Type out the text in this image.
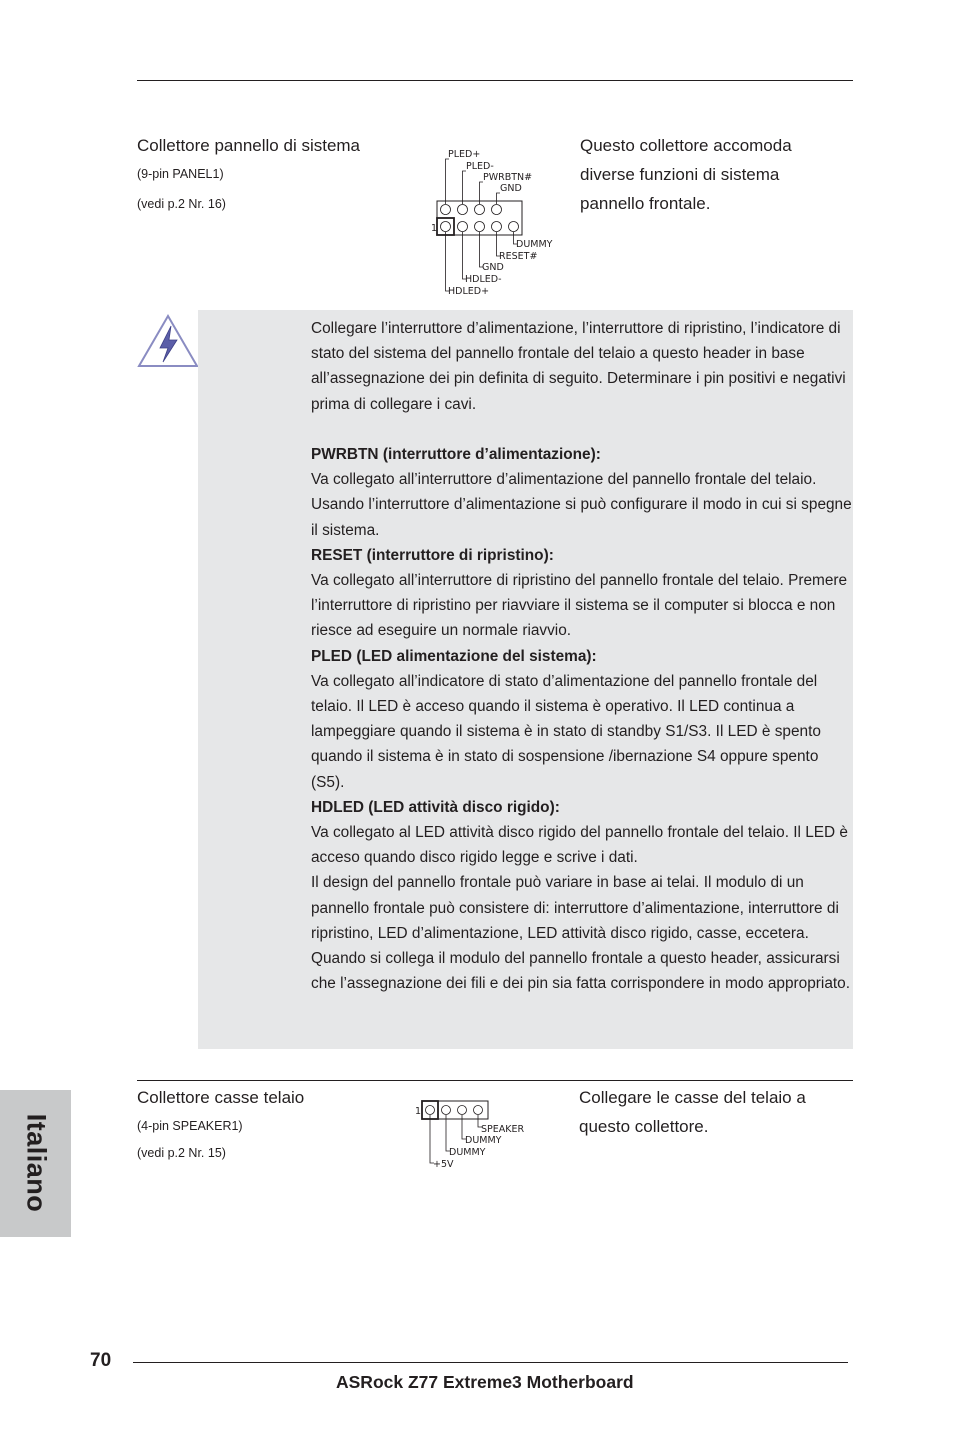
Collettore pannello di sistema
(9-pin PANEL1)
(vedi p.2 Nr. 16)
Questo collettore accomoda diverse funzioni di sistema pannello frontale.
PLED+
PLED-
PWRBTN#
GND
DUMMY
RESET#
GND
HDLED-
HDLED+
1

Collegare l’interruttore d’alimentazione, l’interruttore di ripristino, l’indicatore di stato del sistema del pannello frontale del telaio a questo header in base all’assegnazione dei pin definita di seguito. Determinare i pin positivi e negativi prima di collegare i cavi.

PWRBTN (interruttore d’alimentazione):

Va collegato all’interruttore d’alimentazione del pannello frontale del telaio. Usando l’interruttore d’alimentazione si può configurare il modo in cui si spegne il sistema.

RESET (interruttore di ripristino):

Va collegato all’interruttore di ripristino del pannello frontale del telaio. Premere l’interruttore di ripristino per riavviare il sistema se il computer si blocca e non riesce ad eseguire un normale riavvio.

PLED (LED alimentazione del sistema):

Va collegato all’indicatore di stato d’alimentazione del pannello frontale del telaio. Il LED è acceso quando il sistema è operativo. Il LED continua a lampeggiare quando il sistema è in stato di standby S1/S3. Il LED è spento quando il sistema è in stato di sospensione /ibernazione S4 oppure spento (S5).

HDLED (LED attività disco rigido):

Va collegato al LED attività disco rigido del pannello frontale del telaio. Il LED è acceso quando disco rigido legge e scrive i dati.

Il design del pannello frontale può variare in base ai telai. Il modulo di un pannello frontale può consistere di: interruttore d’alimentazione, interruttore di ripristino, LED d’alimentazione, LED attività disco rigido, casse, eccetera. Quando si collega il modulo del pannello frontale a questo header, assicurarsi che l’assegnazione dei fili e dei pin sia fatta corrispondere in modo appropriato.

Collettore casse telaio
(4-pin SPEAKER1)
(vedi p.2 Nr. 15)
Collegare le casse del telaio a questo collettore.
1
SPEAKER
DUMMY
DUMMY
+5V
Italiano
70
ASRock Z77 Extreme3 Motherboard
